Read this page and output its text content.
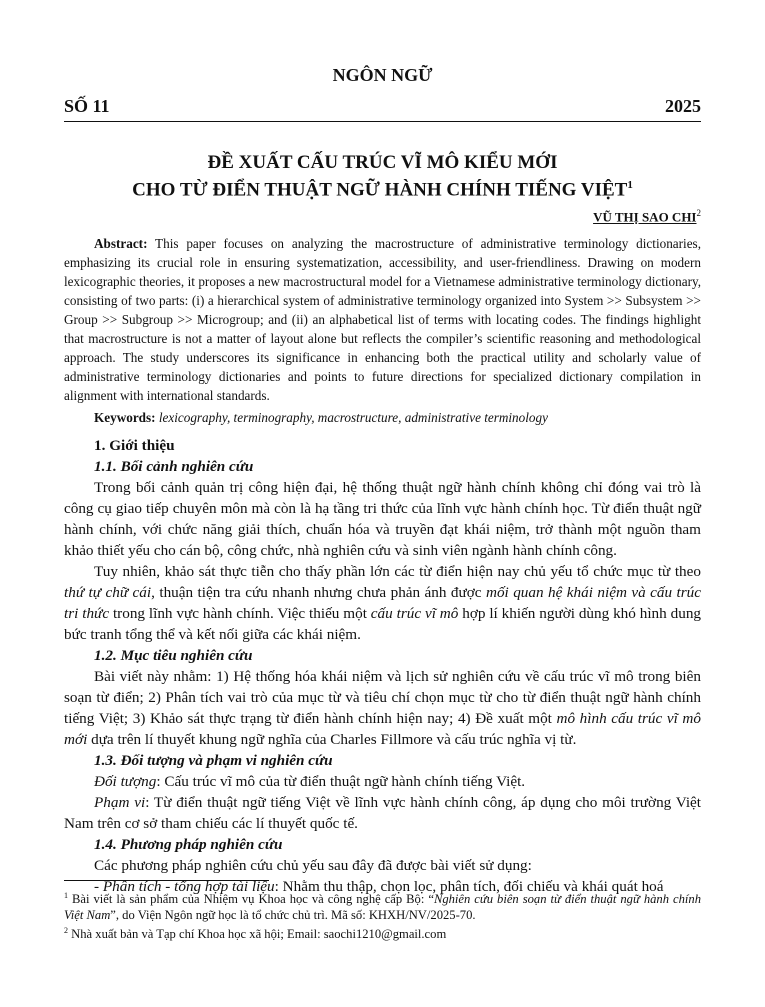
NGÔN NGỮ
SỐ 11	2025
ĐỀ XUẤT CẤU TRÚC VĨ MÔ KIỂU MỚI
CHO TỪ ĐIỂN THUẬT NGỮ HÀNH CHÍNH TIẾNG VIỆT$^1$
VŨ THỊ SAO CHI$^2$

Abstract: This paper focuses on analyzing the macrostructure of administrative terminology dictionaries, emphasizing its crucial role in ensuring systematization, accessibility, and user-friendliness. Drawing on modern lexicographic theories, it proposes a new macrostructural model for a Vietnamese administrative terminology dictionary, consisting of two parts: (i) a hierarchical system of administrative terminology organized into System >> Subsystem >> Group >> Subgroup >> Microgroup; and (ii) an alphabetical list of terms with locating codes. The findings highlight that macrostructure is not a matter of layout alone but reflects the compiler’s scientific reasoning and methodological approach. The study underscores its significance in enhancing both the practical utility and scholarly value of administrative terminology dictionaries and points to future directions for specialized dictionary compilation in alignment with international standards.

Keywords: lexicography, terminography, macrostructure, administrative terminology

1. Giới thiệu

1.1. Bối cảnh nghiên cứu

Trong bối cảnh quản trị công hiện đại, hệ thống thuật ngữ hành chính không chỉ đóng vai trò là công cụ giao tiếp chuyên môn mà còn là hạ tầng tri thức của lĩnh vực hành chính học. Từ điển thuật ngữ hành chính, với chức năng giải thích, chuẩn hóa và truyền đạt khái niệm, trở thành một nguồn tham khảo thiết yếu cho cán bộ, công chức, nhà nghiên cứu và sinh viên ngành hành chính công.

Tuy nhiên, khảo sát thực tiễn cho thấy phần lớn các từ điển hiện nay chủ yếu tổ chức mục từ theo thứ tự chữ cái, thuận tiện tra cứu nhanh nhưng chưa phản ánh được mối quan hệ khái niệm và cấu trúc tri thức trong lĩnh vực hành chính. Việc thiếu một cấu trúc vĩ mô hợp lí khiến người dùng khó hình dung bức tranh tổng thể và kết nối giữa các khái niệm.

1.2. Mục tiêu nghiên cứu

Bài viết này nhằm: 1) Hệ thống hóa khái niệm và lịch sử nghiên cứu về cấu trúc vĩ mô trong biên soạn từ điển; 2) Phân tích vai trò của mục từ và tiêu chí chọn mục từ cho từ điển thuật ngữ hành chính tiếng Việt; 3) Khảo sát thực trạng từ điển hành chính hiện nay; 4) Đề xuất một mô hình cấu trúc vĩ mô mới dựa trên lí thuyết khung ngữ nghĩa của Charles Fillmore và cấu trúc nghĩa vị từ.

1.3. Đối tượng và phạm vi nghiên cứu

Đối tượng: Cấu trúc vĩ mô của từ điển thuật ngữ hành chính tiếng Việt.

Phạm vi: Từ điển thuật ngữ tiếng Việt về lĩnh vực hành chính công, áp dụng cho môi trường Việt Nam trên cơ sở tham chiếu các lí thuyết quốc tế.

1.4. Phương pháp nghiên cứu

Các phương pháp nghiên cứu chủ yếu sau đây đã được bài viết sử dụng:

- Phân tích - tổng hợp tài liệu: Nhằm thu thập, chọn lọc, phân tích, đối chiếu và khái quát hoá

$^1$ Bài viết là sản phẩm của Nhiệm vụ Khoa học và công nghệ cấp Bộ: “Nghiên cứu biên soạn từ điển thuật ngữ hành chính Việt Nam”, do Viện Ngôn ngữ học là tổ chức chủ trì. Mã số: KHXH/NV/2025-70.

$^2$ Nhà xuất bản và Tạp chí Khoa học xã hội; Email: saochi1210@gmail.com
